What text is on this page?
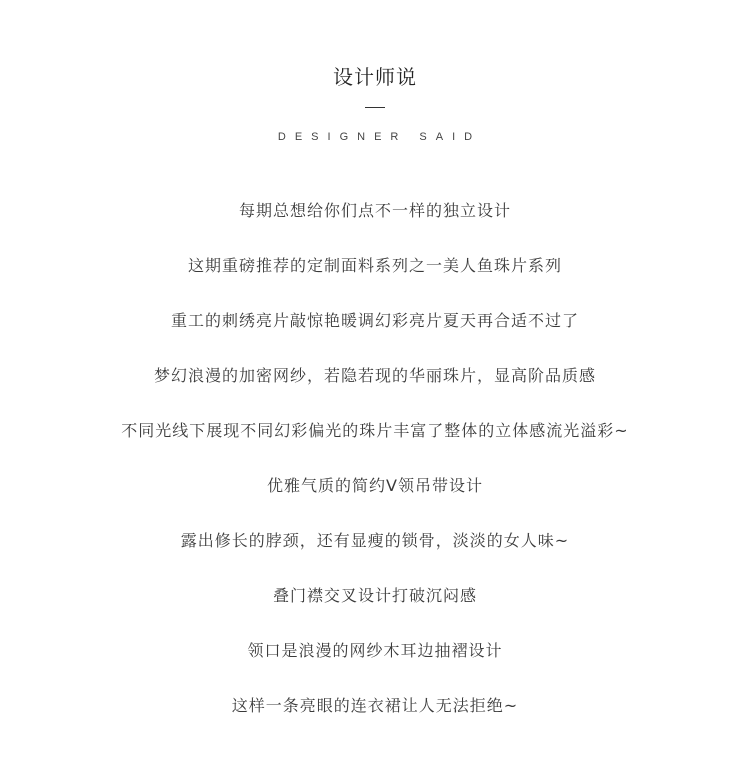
设计师说
DESIGNER SAID
每期总想给你们点不一样的独立设计
这期重磅推荐的定制面料系列之一美人鱼珠片系列
重工的刺绣亮片敲惊艳暖调幻彩亮片夏天再合适不过了
梦幻浪漫的加密网纱，若隐若现的华丽珠片，显高阶品质感
不同光线下展现不同幻彩偏光的珠片丰富了整体的立体感流光溢彩~
优雅气质的简约V领吊带设计
露出修长的脖颈，还有显瘦的锁骨，淡淡的女人味~
叠门襟交叉设计打破沉闷感
领口是浪漫的网纱木耳边抽褶设计
这样一条亮眼的连衣裙让人无法拒绝~
